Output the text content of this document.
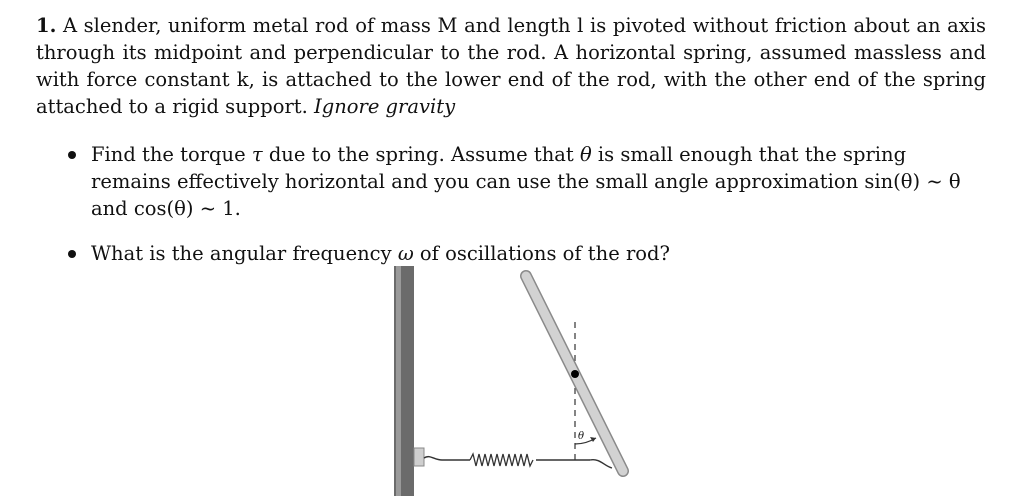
1. A slender, uniform metal rod of mass M and length l is pivoted without friction about an axis through its midpoint and perpendicular to the rod. A horizontal spring, assumed massless and with force constant k, is attached to the lower end of the rod, with the other end of the spring attached to a rigid support. Ignore gravity
Find the torque τ due to the spring. Assume that θ is small enough that the spring remains effectively horizontal and you can use the small angle approximation sin(θ) ~ θ and cos(θ) ~ 1.
What is the angular frequency ω of oscillations of the rod?
θ
